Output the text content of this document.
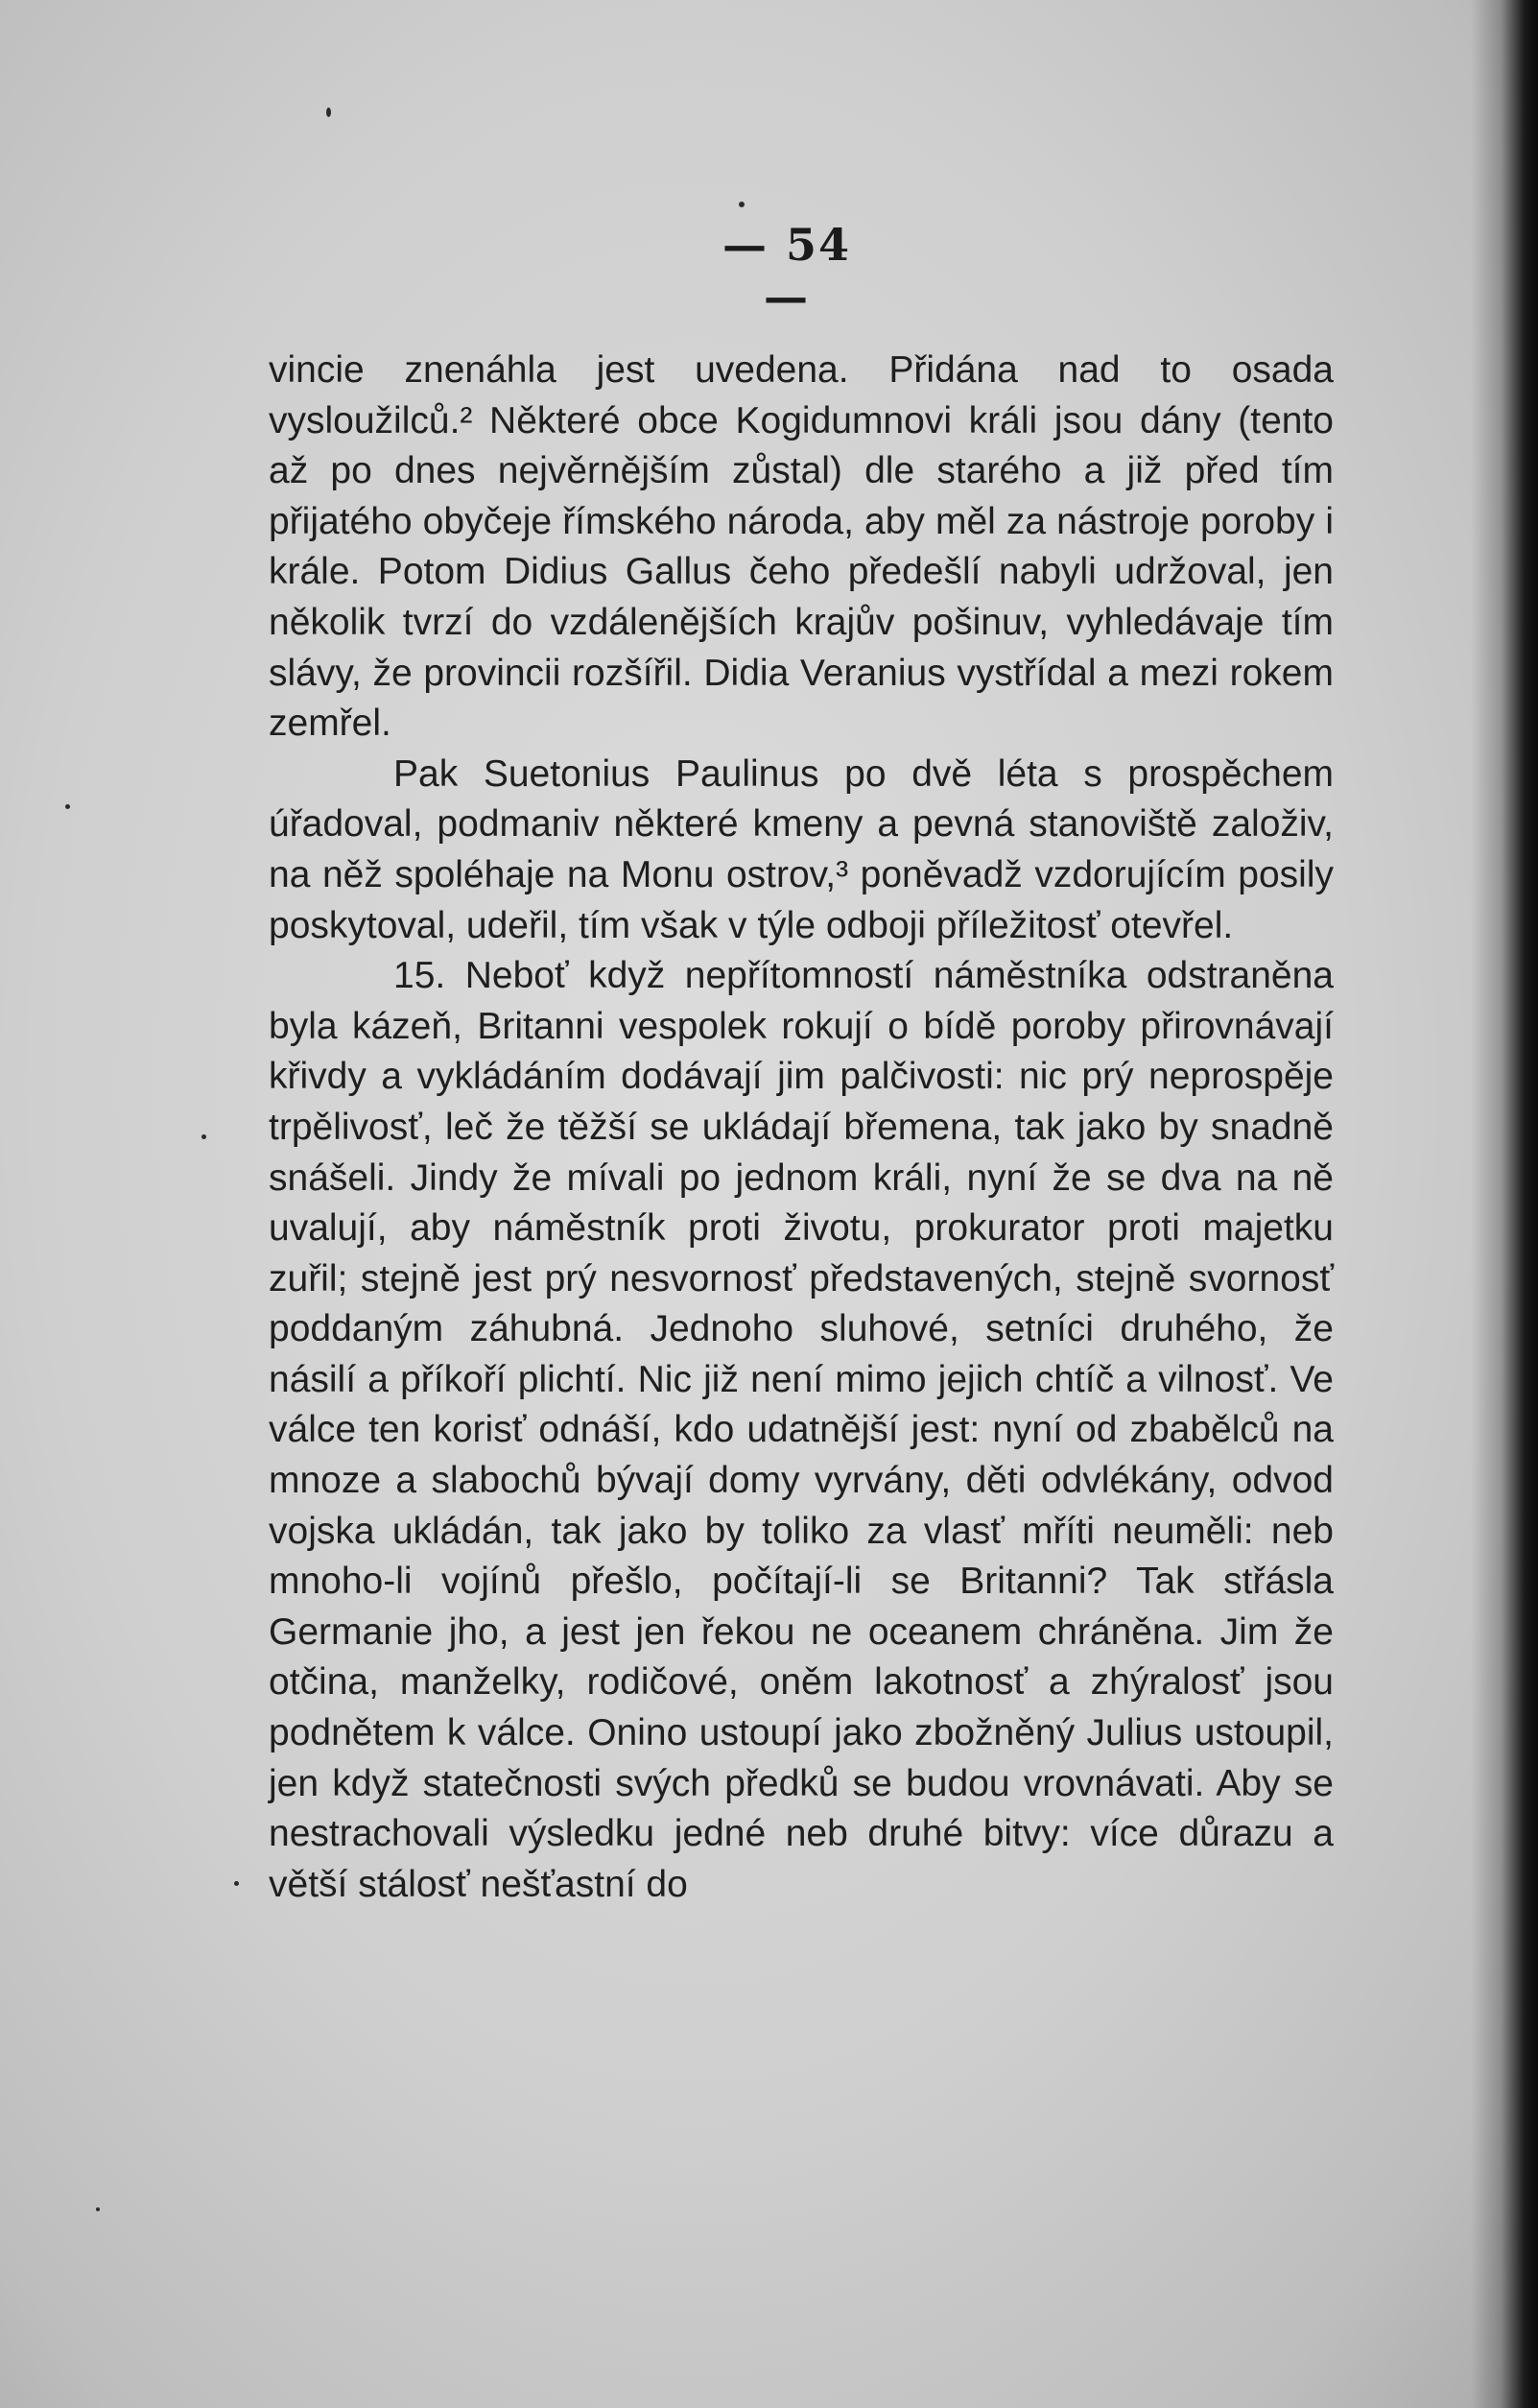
— 54 —

vincie znenáhla jest uvedena. Přidána nad to osada vysloužilců.² Některé obce Kogidumnovi králi jsou dány (tento až po dnes nejvěrnějším zůstal) dle starého a již před tím přijatého obyčeje římského národa, aby měl za nástroje poroby i krále. Potom Didius Gallus čeho předešlí nabyli udržoval, jen několik tvrzí do vzdálenějších krajův pošinuv, vyhledávaje tím slávy, že provincii rozšířil. Didia Veranius vystřídal a mezi rokem zemřel.

Pak Suetonius Paulinus po dvě léta s prospěchem úřadoval, podmaniv některé kmeny a pevná stanoviště založiv, na něž spoléhaje na Monu ostrov,³ poněvadž vzdorujícím posily poskytoval, udeřil, tím však v týle odboji příležitosť otevřel.

15. Neboť když nepřítomností náměstníka odstraněna byla kázeň, Britanni vespolek rokují o bídě poroby přirovnávají křivdy a vykládáním dodávají jim palčivosti: nic prý neprospěje trpělivosť, leč že těžší se ukládají břemena, tak jako by snadně snášeli. Jindy že mívali po jednom králi, nyní že se dva na ně uvalují, aby náměstník proti životu, prokurator proti majetku zuřil; stejně jest prý nesvornosť představených, stejně svornosť poddaným záhubná. Jednoho sluhové, setníci druhého, že násilí a příkoří plichtí. Nic již není mimo jejich chtíč a vilnosť. Ve válce ten korisť odnáší, kdo udatnější jest: nyní od zbabělců na mnoze a slabochů bývají domy vyrvány, děti odvlékány, odvod vojska ukládán, tak jako by toliko za vlasť mříti neuměli: neb mnoho-li vojínů přešlo, počítají-li se Britanni? Tak střásla Germanie jho, a jest jen řekou ne oceanem chráněna. Jim že otčina, manželky, rodičové, oněm lakotnosť a zhýralosť jsou podnětem k válce. Onino ustoupí jako zbožněný Julius ustoupil, jen když statečnosti svých předků se budou vrovnávati. Aby se nestrachovali výsledku jedné neb druhé bitvy: více důrazu a větší stálosť nešťastní do
